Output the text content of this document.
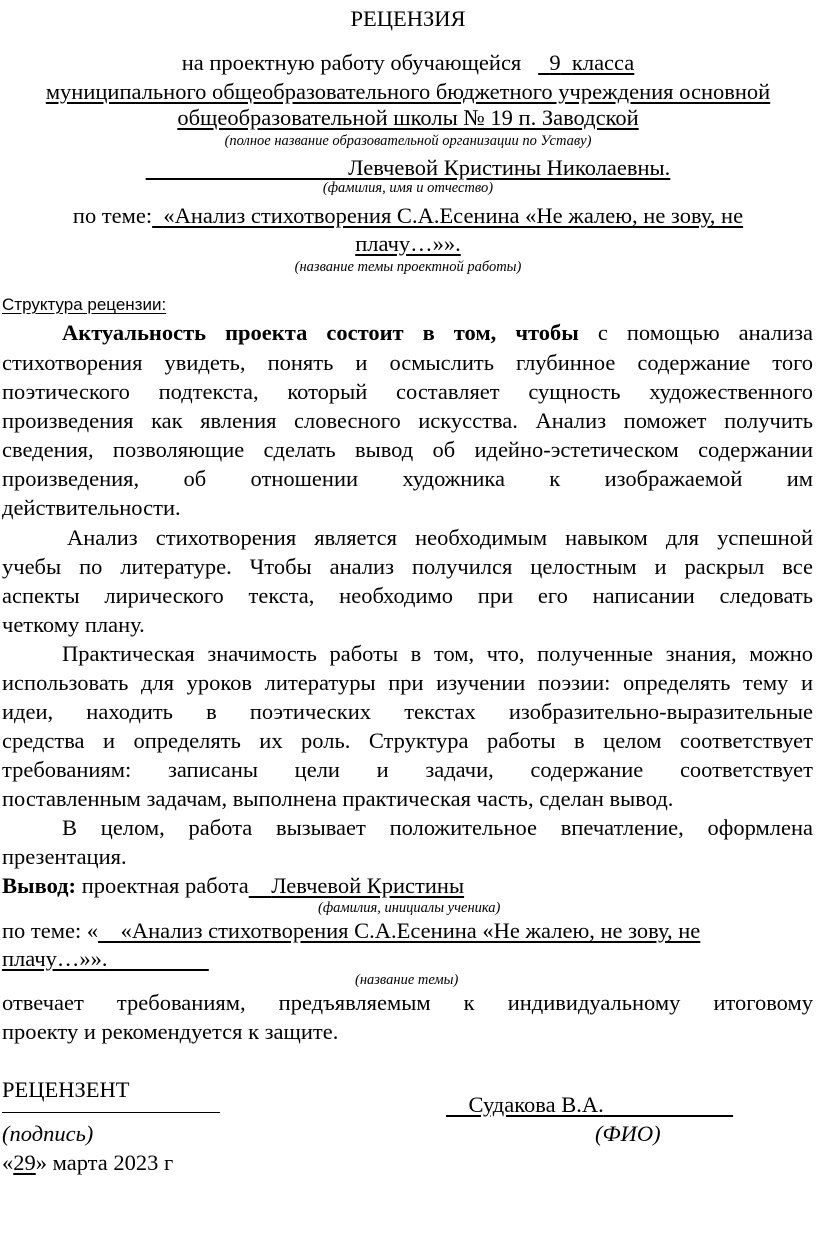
РЕЦЕНЗИЯ
на проектную работу обучающейся 9 класса
муниципального общеобразовательного бюджетного учреждения основной
общеобразовательной школы № 19 п. Заводской
(полное название образовательной организации по Уставу)
Левчевой Кристины Николаевны.
(фамилия, имя и отчество)
по теме: «Анализ стихотворения С.А.Есенина «Не жалею, не зову, не
плачу…»».
(название темы проектной работы)
Структура рецензии:
Актуальность проекта состоит в том, чтобы с помощью анализа
стихотворения увидеть, понять и осмыслить глубинное содержание того
поэтического подтекста, который составляет сущность художественного
произведения как явления словесного искусства. Анализ поможет получить
сведения, позволяющие сделать вывод об идейно-эстетическом содержании
произведения, об отношении художника к изображаемой им
действительности.
Анализ стихотворения является необходимым навыком для успешной
учебы по литературе. Чтобы анализ получился целостным и раскрыл все
аспекты лирического текста, необходимо при его написании следовать
четкому плану.
Практическая значимость работы в том, что, полученные знания, можно
использовать для уроков литературы при изучении поэзии: определять тему и
идеи, находить в поэтических текстах изобразительно-выразительные
средства и определять их роль. Структура работы в целом соответствует
требованиям: записаны цели и задачи, содержание соответствует
поставленным задачам, выполнена практическая часть, сделан вывод.
В целом, работа вызывает положительное впечатление, оформлена
презентация.
Вывод: проектная работа Левчевой Кристины
(фамилия, инициалы ученика)
по теме: « «Анализ стихотворения С.А.Есенина «Не жалею, не зову, не
плачу…»».
(название темы)
отвечает требованиям, предъявляемым к индивидуальному итоговому
проекту и рекомендуется к защите.
РЕЦЕНЗЕНТ
Судакова В.А.
(подпись)	(ФИО)
«29» марта 2023 г
